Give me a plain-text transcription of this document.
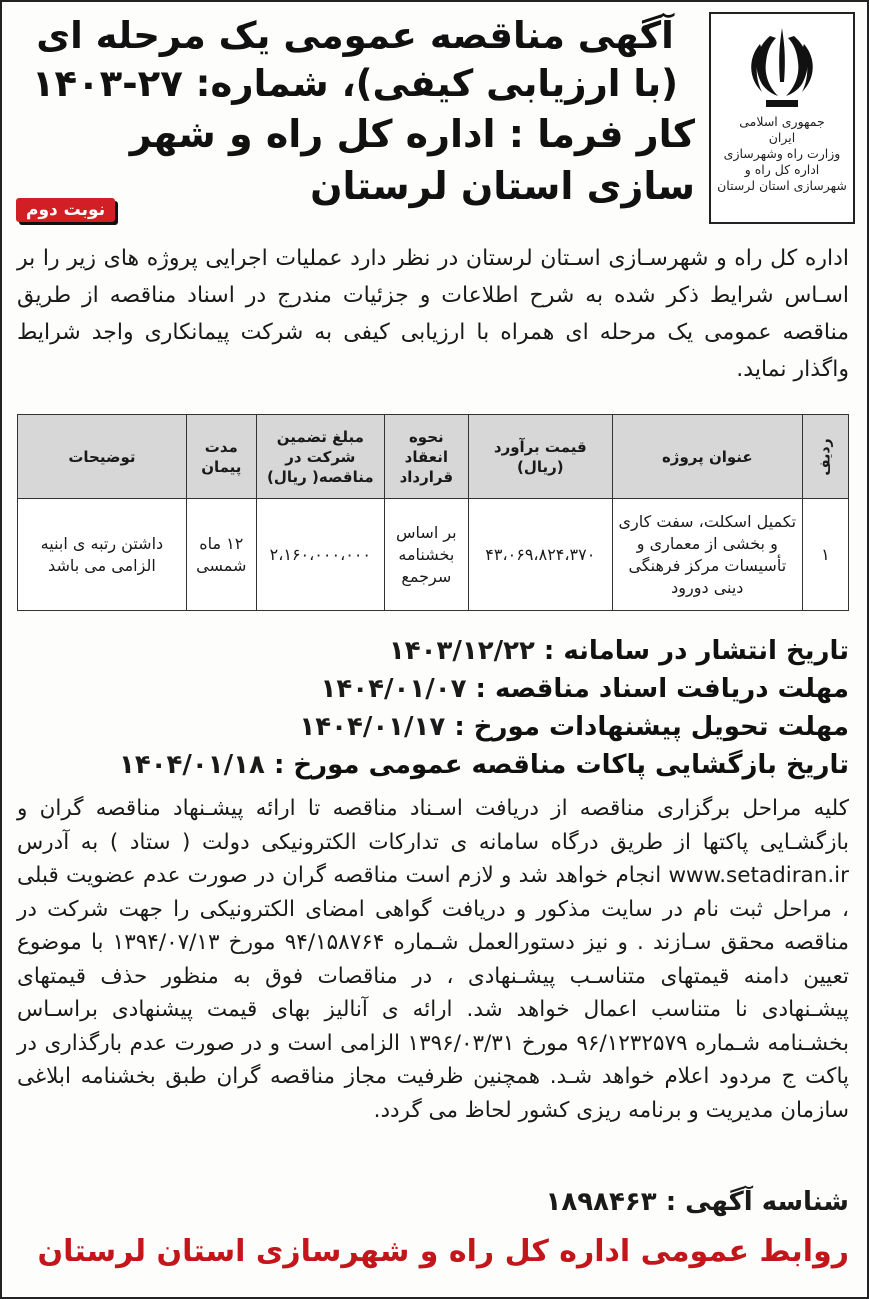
جمهوری اسلامی
ایران
وزارت راه وشهرسازی
اداره کل راه و
شهرسازی استان لرستان
آگهی مناقصه عمومی یک مرحله ای
(با ارزیابی کیفی)، شماره: ۲۷-۱۴۰۳
کار فرما : اداره کل راه و شهر سازی استان لرستان
نوبت دوم

اداره کل راه و شهرسـازی اسـتان لرستان در نظر دارد عملیات اجرایی پروژه های زیر را بر اسـاس شرایط ذکر شده به شرح اطلاعات و جزئیات مندرج در اسناد مناقصه از طریق مناقصه عمومی یک مرحله ای همراه با ارزیابی کیفی به شرکت پیمانکاری واجد شرایط واگذار نماید.

ردیف	عنوان پروژه	قیمت برآورد (ریال)	نحوه انعقاد قرارداد	مبلغ تضمین شرکت در مناقصه( ریال)	مدت پیمان	توضیحات
۱	تکمیل اسکلت، سفت کاری و بخشی از معماری و تأسیسات مرکز فرهنگی دینی دورود	۴۳،۰۶۹،۸۲۴،۳۷۰	بر اساس بخشنامه سرجمع	۲،۱۶۰،۰۰۰،۰۰۰	۱۲ ماه شمسی	داشتن رتبه ی ابنیه الزامی می باشد
تاریخ انتشار در سامانه : ۱۴۰۳/۱۲/۲۲
مهلت دریافت اسناد مناقصه : ۱۴۰۴/۰۱/۰۷
مهلت تحویل پیشنهادات مورخ : ۱۴۰۴/۰۱/۱۷
تاریخ بازگشایی پاکات مناقصه عمومی مورخ : ۱۴۰۴/۰۱/۱۸

کلیه مراحل برگزاری مناقصه از دریافت اسـناد مناقصه تا ارائه پیشـنهاد مناقصه گران و بازگشـایی پاکتها از طریق درگاه سامانه ی تدارکات الکترونیکی دولت ( ستاد ) به آدرس www.setadiran.ir انجام خواهد شد و لازم است مناقصه گران در صورت عدم عضویت قبلی ، مراحل ثبت نام در سایت مذکور و دریافت گواهی امضای الکترونیکی را جهت شرکت در مناقصه محقق سـازند . و نیز دستورالعمل شـماره ۹۴/۱۵۸۷۶۴ مورخ ۱۳۹۴/۰۷/۱۳ با موضوع تعیین دامنه قیمتهای متناسـب پیشـنهادی ، در مناقصات فوق به منظور حذف قیمتهای پیشـنهادی نا متناسب اعمال خواهد شد. ارائه ی آنالیز بهای قیمت پیشنهادی براسـاس بخشـنامه شـماره ۹۶/۱۲۳۲۵۷۹ مورخ ۱۳۹۶/۰۳/۳۱ الزامی است و در صورت عدم بارگذاری در پاکت ج مردود اعلام خواهد شـد. همچنین ظرفیت مجاز مناقصه گران طبق بخشنامه ابلاغی سازمان مدیریت و برنامه ریزی کشور لحاظ می گردد.

شناسه آگهی : ۱۸۹۸۴۶۳
روابط عمومی اداره کل راه و شهرسازی استان لرستان
